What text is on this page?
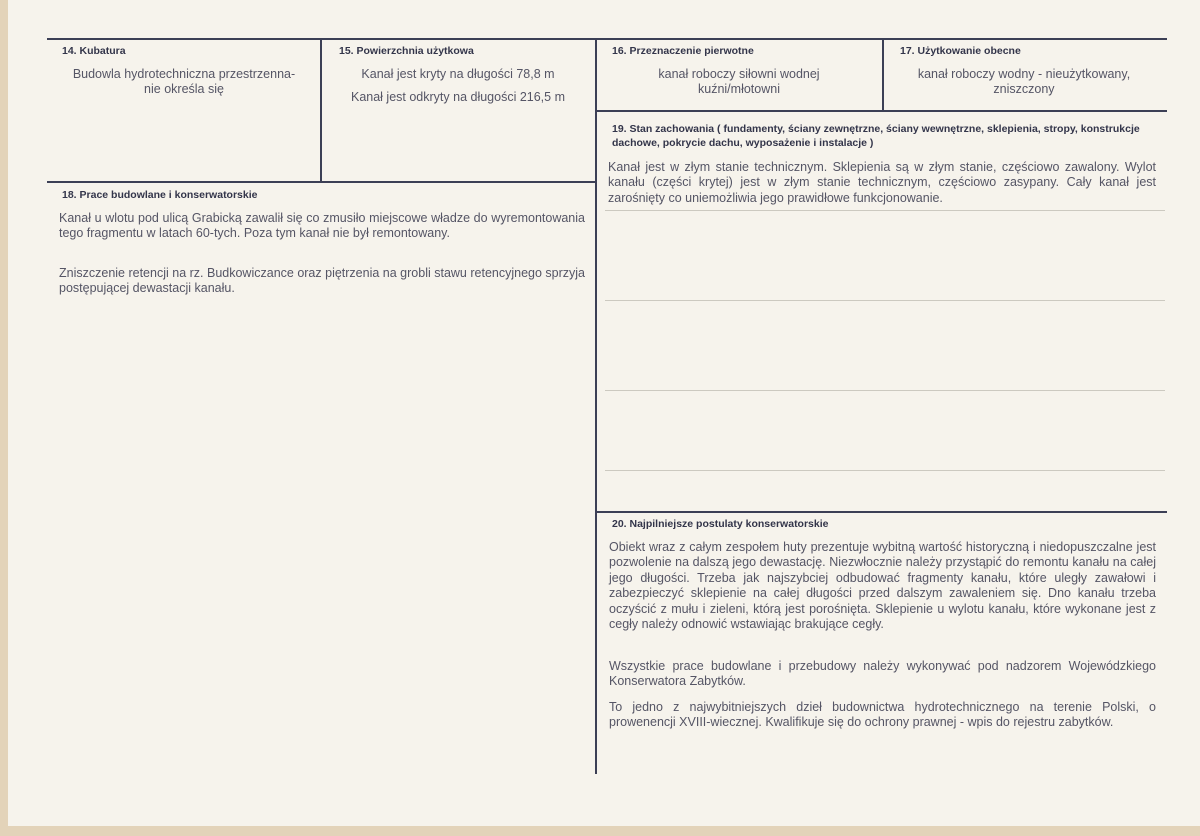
14. Kubatura
Budowla hydrotechniczna przestrzenna-
nie określa się
15. Powierzchnia użytkowa
Kanał jest kryty na długości 78,8 m
Kanał jest odkryty na długości 216,5 m
16. Przeznaczenie pierwotne
kanał roboczy siłowni wodnej
kuźni/młotowni
17. Użytkowanie obecne
kanał roboczy wodny - nieużytkowany,
zniszczony
18. Prace budowlane i konserwatorskie

Kanał u wlotu pod ulicą Grabicką zawalił się co zmusiło miejscowe władze do wyremontowania tego fragmentu w latach 60-tych. Poza tym kanał nie był remontowany.

Zniszczenie retencji na rz. Budkowiczance oraz piętrzenia na grobli stawu retencyjnego sprzyja postępującej dewastacji kanału.

19. Stan zachowania ( fundamenty, ściany zewnętrzne, ściany wewnętrzne, sklepienia, stropy, konstrukcje dachowe, pokrycie dachu, wyposażenie i instalacje )

Kanał jest w złym stanie technicznym. Sklepienia są w złym stanie, częściowo zawalony. Wylot kanału (części krytej) jest w złym stanie technicznym, częściowo zasypany. Cały kanał jest zarośnięty co uniemożliwia jego prawidłowe funkcjonowanie.

20. Najpilniejsze postulaty konserwatorskie

Obiekt wraz z całym zespołem huty prezentuje wybitną wartość historyczną i niedopuszczalne jest pozwolenie na dalszą jego dewastację. Niezwłocznie należy przystąpić do remontu kanału na całej jego długości. Trzeba jak najszybciej odbudować fragmenty kanału, które uległy zawałowi i zabezpieczyć sklepienie na całej długości przed dalszym zawaleniem się. Dno kanału trzeba oczyścić z mułu i zieleni, którą jest porośnięta. Sklepienie u wylotu kanału, które wykonane jest z cegły należy odnowić wstawiając brakujące cegły.

Wszystkie prace budowlane i przebudowy należy wykonywać pod nadzorem Wojewódzkiego Konserwatora Zabytków.

To jedno z najwybitniejszych dzieł budownictwa hydrotechnicznego na terenie Polski, o prowenencji XVIII-wiecznej. Kwalifikuje się do ochrony prawnej - wpis do rejestru zabytków.
